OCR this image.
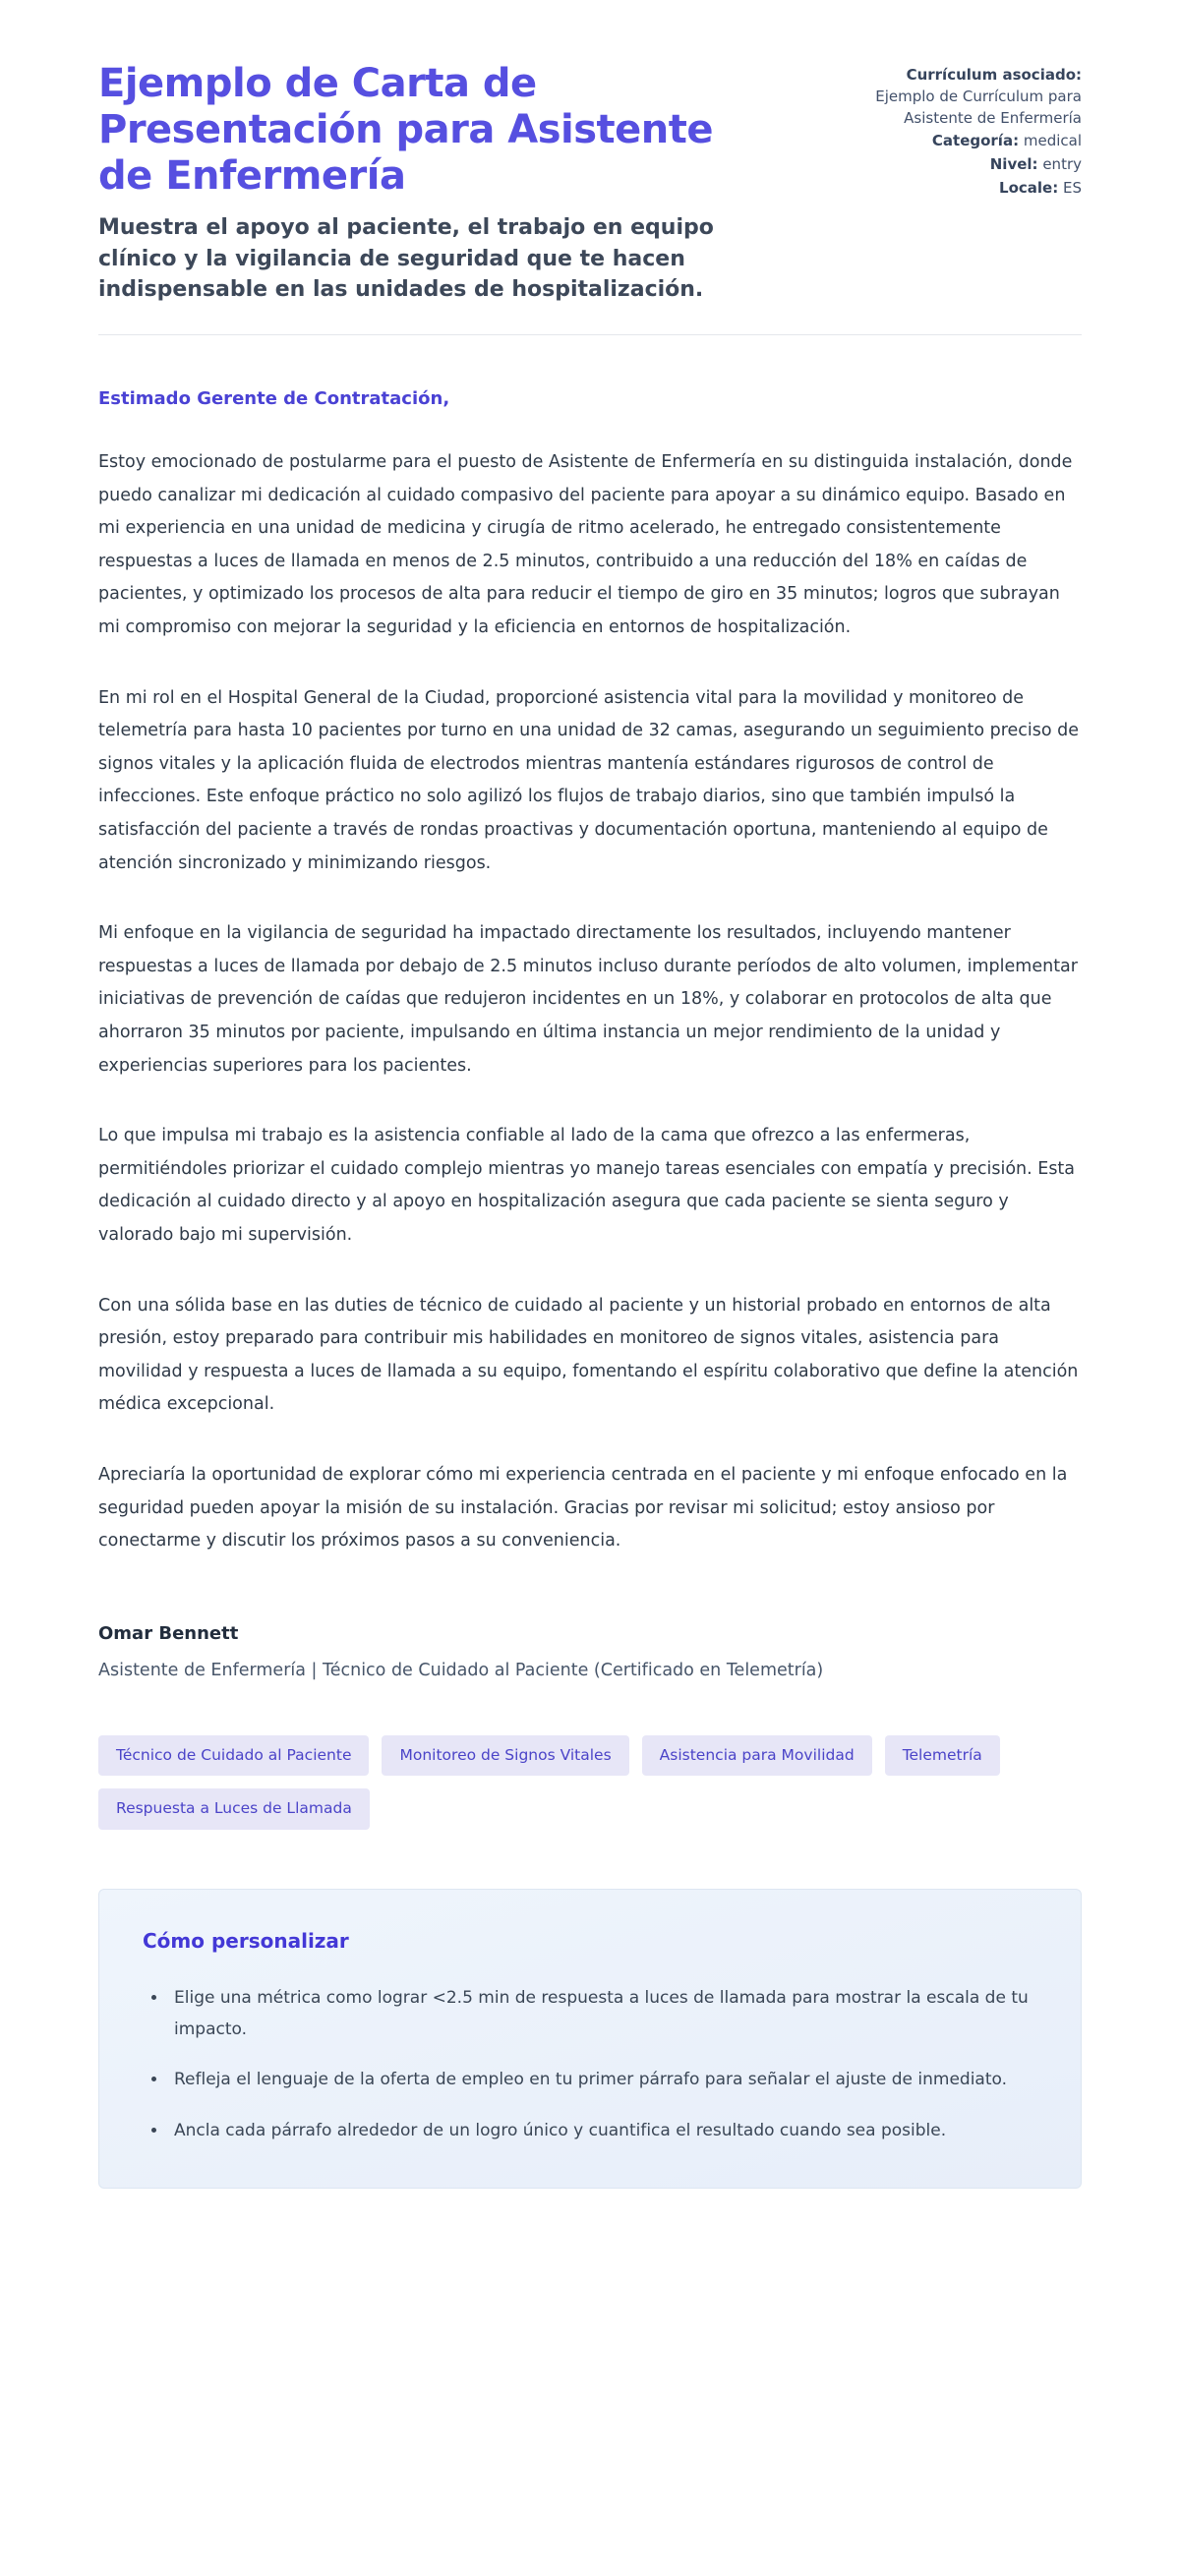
Ejemplo de Carta de Presentación para Asistente de Enfermería

Muestra el apoyo al paciente, el trabajo en equipo clínico y la vigilancia de seguridad que te hacen indispensable en las unidades de hospitalización.

Currículum asociado:
Ejemplo de Currículum para Asistente de Enfermería
Categoría: medical
Nivel: entry
Locale: ES

Estimado Gerente de Contratación,

Estoy emocionado de postularme para el puesto de Asistente de Enfermería en su distinguida instalación, donde puedo canalizar mi dedicación al cuidado compasivo del paciente para apoyar a su dinámico equipo. Basado en mi experiencia en una unidad de medicina y cirugía de ritmo acelerado, he entregado consistentemente respuestas a luces de llamada en menos de 2.5 minutos, contribuido a una reducción del 18% en caídas de pacientes, y optimizado los procesos de alta para reducir el tiempo de giro en 35 minutos; logros que subrayan mi compromiso con mejorar la seguridad y la eficiencia en entornos de hospitalización.

En mi rol en el Hospital General de la Ciudad, proporcioné asistencia vital para la movilidad y monitoreo de telemetría para hasta 10 pacientes por turno en una unidad de 32 camas, asegurando un seguimiento preciso de signos vitales y la aplicación fluida de electrodos mientras mantenía estándares rigurosos de control de infecciones. Este enfoque práctico no solo agilizó los flujos de trabajo diarios, sino que también impulsó la satisfacción del paciente a través de rondas proactivas y documentación oportuna, manteniendo al equipo de atención sincronizado y minimizando riesgos.

Mi enfoque en la vigilancia de seguridad ha impactado directamente los resultados, incluyendo mantener respuestas a luces de llamada por debajo de 2.5 minutos incluso durante períodos de alto volumen, implementar iniciativas de prevención de caídas que redujeron incidentes en un 18%, y colaborar en protocolos de alta que ahorraron 35 minutos por paciente, impulsando en última instancia un mejor rendimiento de la unidad y experiencias superiores para los pacientes.

Lo que impulsa mi trabajo es la asistencia confiable al lado de la cama que ofrezco a las enfermeras, permitiéndoles priorizar el cuidado complejo mientras yo manejo tareas esenciales con empatía y precisión. Esta dedicación al cuidado directo y al apoyo en hospitalización asegura que cada paciente se sienta seguro y valorado bajo mi supervisión.

Con una sólida base en las duties de técnico de cuidado al paciente y un historial probado en entornos de alta presión, estoy preparado para contribuir mis habilidades en monitoreo de signos vitales, asistencia para movilidad y respuesta a luces de llamada a su equipo, fomentando el espíritu colaborativo que define la atención médica excepcional.

Apreciaría la oportunidad de explorar cómo mi experiencia centrada en el paciente y mi enfoque enfocado en la seguridad pueden apoyar la misión de su instalación. Gracias por revisar mi solicitud; estoy ansioso por conectarme y discutir los próximos pasos a su conveniencia.

Omar Bennett

Asistente de Enfermería | Técnico de Cuidado al Paciente (Certificado en Telemetría)

Técnico de Cuidado al Paciente	Monitoreo de Signos Vitales	Asistencia para Movilidad	Telemetría
Respuesta a Luces de Llamada
Cómo personalizar
• Elige una métrica como lograr <2.5 min de respuesta a luces de llamada para mostrar la escala de tu impacto.
• Refleja el lenguaje de la oferta de empleo en tu primer párrafo para señalar el ajuste de inmediato.
• Ancla cada párrafo alrededor de un logro único y cuantifica el resultado cuando sea posible.
